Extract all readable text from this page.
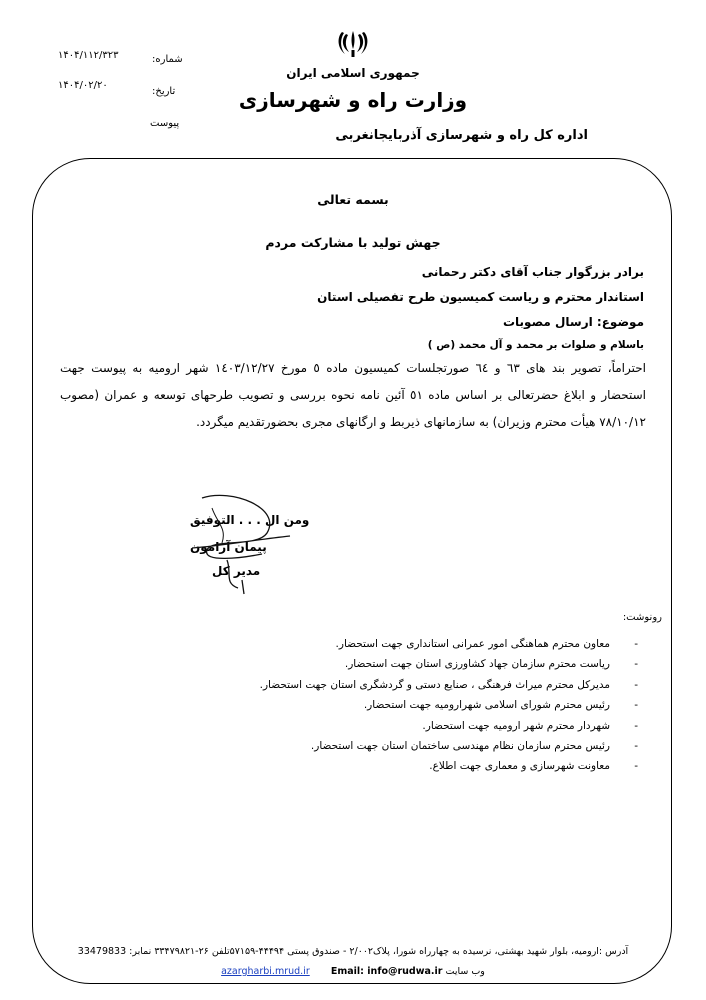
جمهوری اسلامی ایران
وزارت راه و شهرسازی
اداره کل راه و شهرسازی آذربایجانغربی
شماره:
۱۴۰۴/۱۱۲/۳۲۳
تاریخ:
۱۴۰۴/۰۲/۲۰
پیوست
بسمه تعالی
جهش تولید با مشارکت مردم
برادر بزرگوار جناب آقای دکتر رحمانی
استاندار محترم و ریاست کمیسیون طرح تفصیلی استان
موضوع: ارسال مصوبات
باسلام و صلوات بر محمد و آل محمد (ص )
احتراماً، تصویر بند های ٦٣ و ٦٤ صورتجلسات کمیسیون ماده ٥ مورخ ١٤٠٣/١٢/٢٧ شهر ارومیه به پیوست جهت استحضار و ابلاغ حضرتعالی بر اساس ماده ٥١ آئین نامه نحوه بررسی و تصویب طرحهای توسعه و عمران (مصوب ٧٨/١٠/١٢ هیأت محترم وزیران) به سازمانهای ذیربط و ارگانهای مجری بحضورتقدیم میگردد.
ومن ال . . . التوفیق
پیمان آرامون
مدیر کل
رونوشت:
- معاون محترم هماهنگی امور عمرانی استانداری جهت استحضار.
- ریاست محترم سازمان جهاد کشاورزی استان جهت استحضار.
- مدیرکل محترم میراث فرهنگی ، صنایع دستی و گردشگری استان جهت استحضار.
- رئیس محترم شورای اسلامی شهرارومیه جهت استحضار.
- شهردار محترم شهر ارومیه جهت استحضار.
- رئیس محترم سازمان نظام مهندسی ساختمان استان جهت استحضار.
- معاونت شهرسازی و معماری جهت اطلاع.
آدرس :ارومیه، بلوار شهید بهشتی، نرسیده به چهارراه شورا، پلاک۲/۰۰۲ - صندوق پستی ۴۴۴۹۴-۵۷۱۵۹تلفن ۲۶-۳۳۴۷۹۸۲۱ نمابر: 33479833
وب سایت azargharbi.mrud.ir Email: info@rudwa.ir
